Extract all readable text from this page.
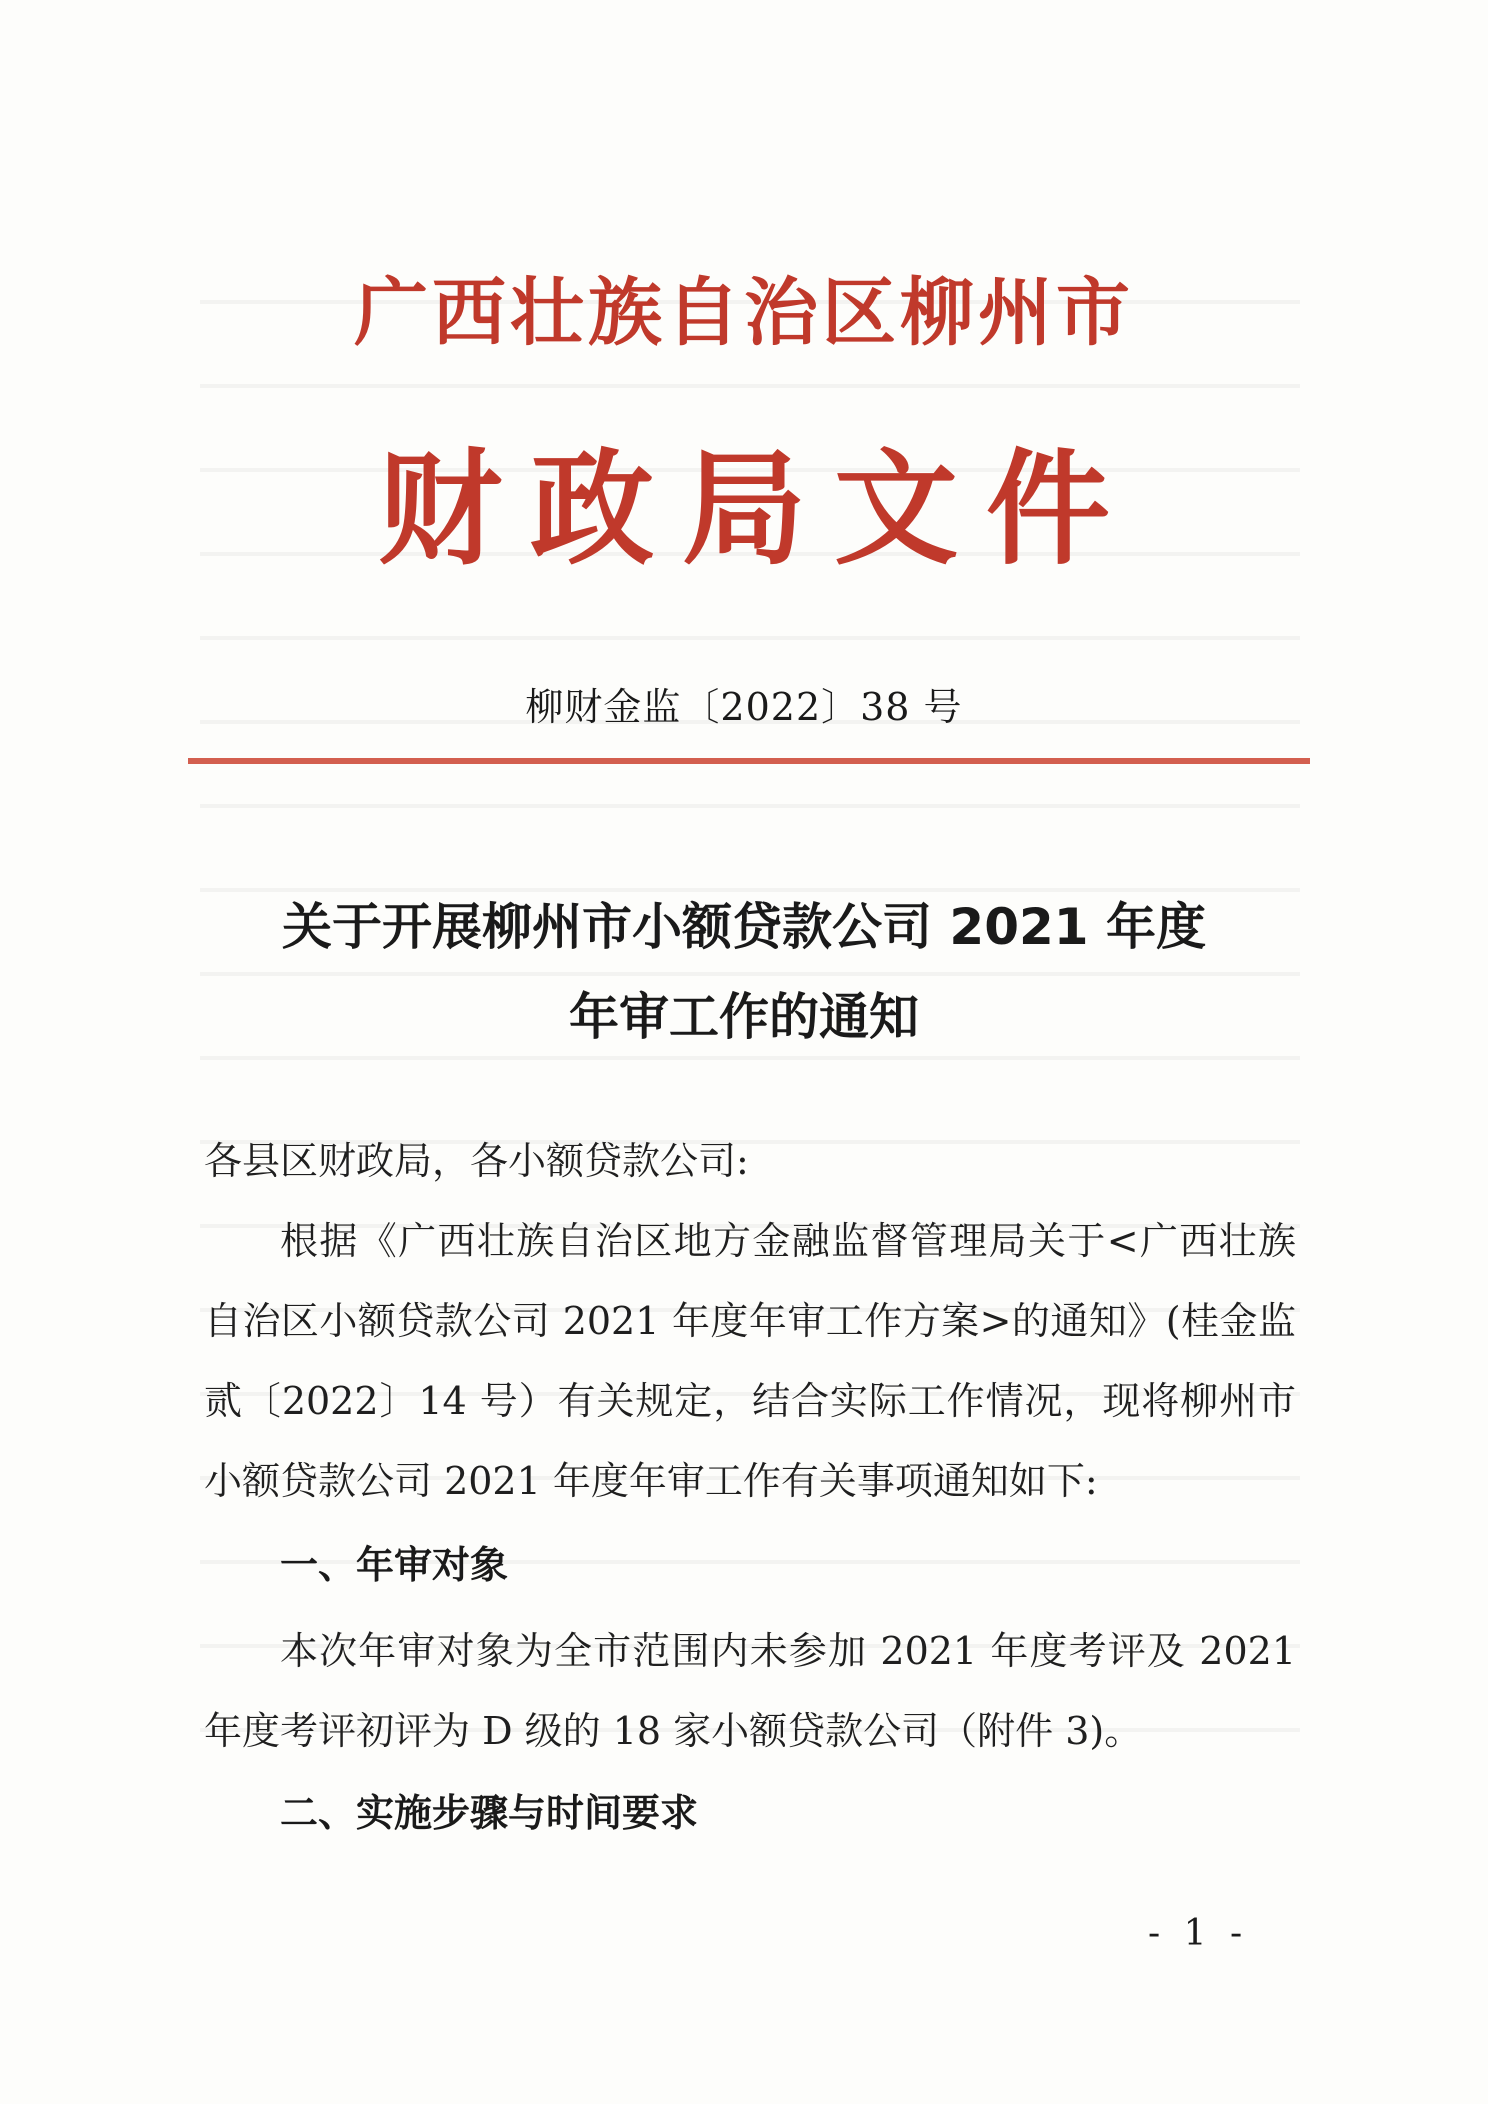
广西壮族自治区柳州市
财政局文件
柳财金监〔2022〕38 号
关于开展柳州市小额贷款公司 2021 年度
年审工作的通知
各县区财政局，各小额贷款公司:
根据《广西壮族自治区地方金融监督管理局关于<广西壮族
自治区小额贷款公司 2021 年度年审工作方案>的通知》(桂金监
贰〔2022〕14 号）有关规定，结合实际工作情况，现将柳州市
小额贷款公司 2021 年度年审工作有关事项通知如下:
一、年审对象
本次年审对象为全市范围内未参加 2021 年度考评及 2021
年度考评初评为 D 级的 18 家小额贷款公司（附件 3)。
二、实施步骤与时间要求
- 1 -
